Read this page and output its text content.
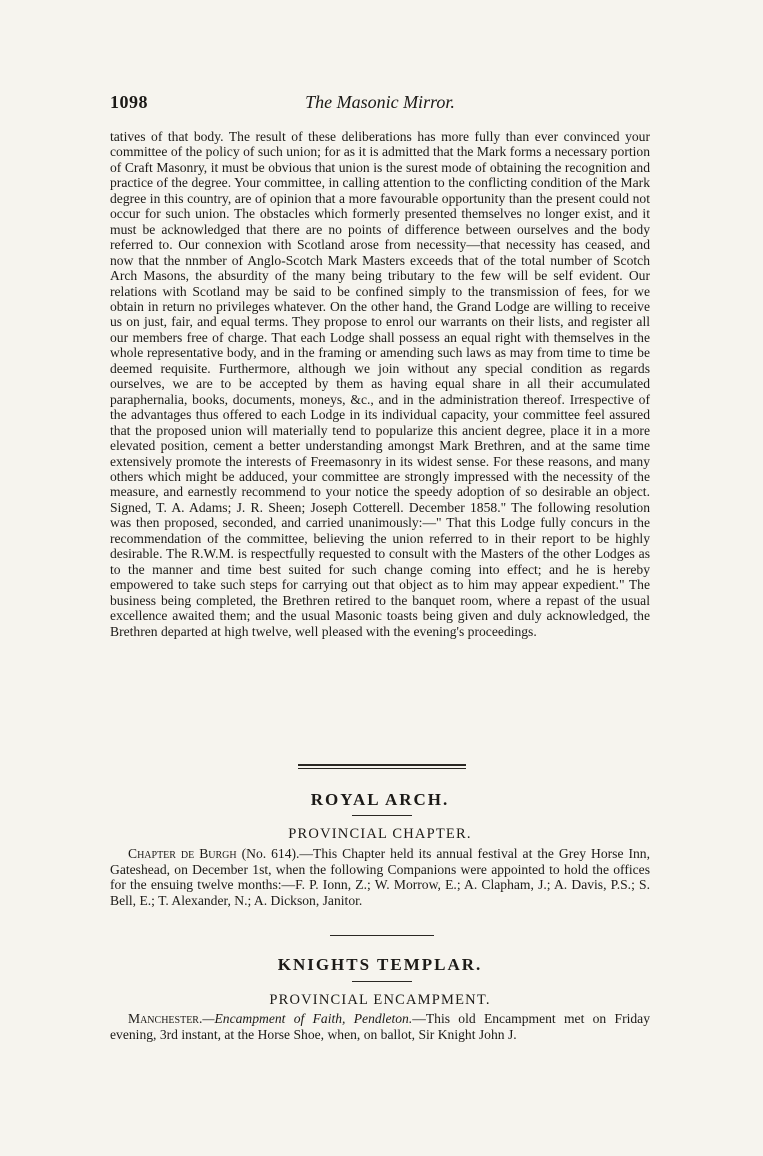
1098	The Masonic Mirror.

tatives of that body. The result of these deliberations has more fully than ever convinced your committee of the policy of such union; for as it is admitted that the Mark forms a necessary portion of Craft Masonry, it must be obvious that union is the surest mode of obtaining the recognition and practice of the degree. Your committee, in calling attention to the conflicting condition of the Mark degree in this country, are of opinion that a more favourable opportunity than the present could not occur for such union. The obstacles which formerly presented themselves no longer exist, and it must be acknowledged that there are no points of difference between ourselves and the body referred to. Our connexion with Scotland arose from necessity—that necessity has ceased, and now that the nnmber of Anglo-Scotch Mark Masters exceeds that of the total number of Scotch Arch Masons, the absurdity of the many being tributary to the few will be self evident. Our relations with Scotland may be said to be confined simply to the transmission of fees, for we obtain in return no privileges whatever. On the other hand, the Grand Lodge are willing to receive us on just, fair, and equal terms. They propose to enrol our warrants on their lists, and register all our members free of charge. That each Lodge shall possess an equal right with themselves in the whole representative body, and in the framing or amending such laws as may from time to time be deemed requisite. Furthermore, although we join without any special condition as regards ourselves, we are to be accepted by them as having equal share in all their accumulated paraphernalia, books, documents, moneys, &c., and in the administration thereof. Irrespective of the advantages thus offered to each Lodge in its individual capacity, your committee feel assured that the proposed union will materially tend to popularize this ancient degree, place it in a more elevated position, cement a better understanding amongst Mark Brethren, and at the same time extensively promote the interests of Freemasonry in its widest sense. For these reasons, and many others which might be adduced, your committee are strongly impressed with the necessity of the measure, and earnestly recommend to your notice the speedy adoption of so desirable an object. Signed, T. A. Adams; J. R. Sheen; Joseph Cotterell. December 1858." The following resolution was then proposed, seconded, and carried unanimously:—" That this Lodge fully concurs in the recommendation of the committee, believing the union referred to in their report to be highly desirable. The R.W.M. is respectfully requested to consult with the Masters of the other Lodges as to the manner and time best suited for such change coming into effect; and he is hereby empowered to take such steps for carrying out that object as to him may appear expedient." The business being completed, the Brethren retired to the banquet room, where a repast of the usual excellence awaited them; and the usual Masonic toasts being given and duly acknowledged, the Brethren departed at high twelve, well pleased with the evening's proceedings.

ROYAL ARCH.
PROVINCIAL CHAPTER.

Chapter de Burgh (No. 614).—This Chapter held its annual festival at the Grey Horse Inn, Gateshead, on December 1st, when the following Companions were appointed to hold the offices for the ensuing twelve months:—F. P. Ionn, Z.; W. Morrow, E.; A. Clapham, J.; A. Davis, P.S.; S. Bell, E.; T. Alexander, N.; A. Dickson, Janitor.

KNIGHTS TEMPLAR.
PROVINCIAL ENCAMPMENT.

Manchester.—Encampment of Faith, Pendleton.—This old Encampment met on Friday evening, 3rd instant, at the Horse Shoe, when, on ballot, Sir Knight John J.
